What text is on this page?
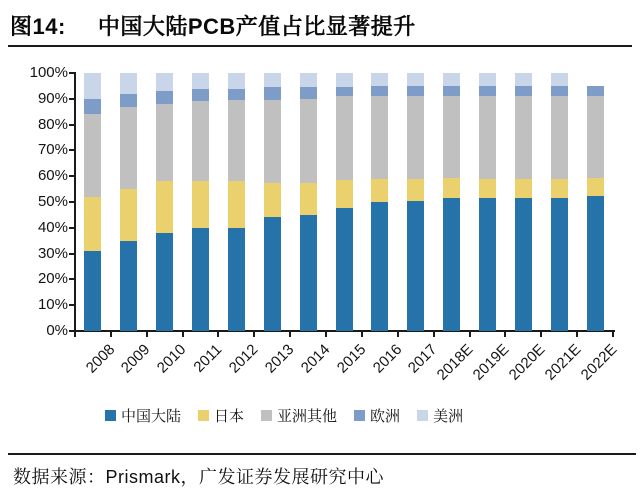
图14: 中国大陆PCB产值占比显著提升
0%
10%
20%
30%
40%
50%
60%
70%
80%
90%
100%
2008 2009 2010 2011 2012 2013 2014 2015 2016 2017
2018E
2019E
2020E
2021E
2022E
中国大陆 日本 亚洲其他 欧洲 美洲
数据来源：Prismark，广发证券发展研究中心
